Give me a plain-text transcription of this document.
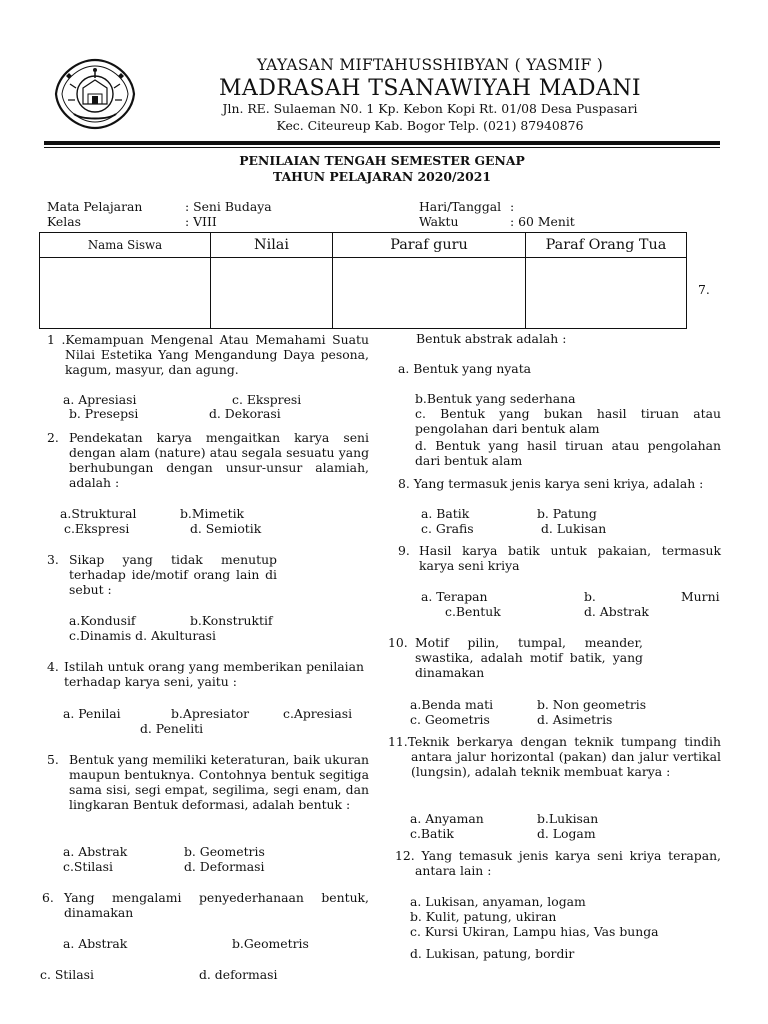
YAYASAN MIFTAHUSSHIBYAN ( YASMIF )
MADRASAH TSANAWIYAH MADANI
Jln. RE. Sulaeman N0. 1 Kp. Kebon Kopi Rt. 01/08 Desa Puspasari
Kec. Citeureup Kab. Bogor Telp. (021) 87940876
PENILAIAN TENGAH SEMESTER GENAP
TAHUN PELAJARAN 2020/2021
Mata Pelajaran	: Seni Budaya
Kelas	: VIII
Hari/Tanggal :
Waktu	: 60 Menit
Nama Siswa	Nilai	Paraf guru	Paraf Orang Tua

7.
1 .Kemampuan Mengenal Atau Memahami Suatu Nilai Estetika Yang Mengandung Daya pesona, kagum, masyur, dan agung.
a. Apresiasi	c. Ekspresi
b. Presepsi	d. Dekorasi
2. Pendekatan karya mengaitkan karya seni dengan alam (nature) atau segala sesuatu yang berhubungan dengan unsur-unsur alamiah, adalah :
a.Struktural	b.Mimetik
c.Ekspresi	d. Semiotik
3. Sikap yang tidak menutup terhadap ide/motif orang lain di sebut :
a.Kondusif	b.Konstruktif
c.Dinamis d. Akulturasi
4. Istilah untuk orang yang memberikan penilaian terhadap karya seni, yaitu :
a. Penilai	b.Apresiator	c.Apresiasi
d. Peneliti
5. Bentuk yang memiliki keteraturan, baik ukuran maupun bentuknya. Contohnya bentuk segitiga sama sisi, segi empat, segilima, segi enam, dan lingkaran Bentuk deformasi, adalah bentuk :
a. Abstrak	b. Geometris
c.Stilasi	d. Deformasi
6. Yang mengalami penyederhanaan bentuk, dinamakan
a. Abstrak	b.Geometris
c. Stilasi	d. deformasi
Bentuk abstrak adalah :
a. Bentuk yang nyata
b.Bentuk yang sederhana
c. Bentuk yang bukan hasil tiruan atau pengolahan dari bentuk alam
d. Bentuk yang hasil tiruan atau pengolahan dari bentuk alam
8. Yang termasuk jenis karya seni kriya, adalah :
a. Batik	b. Patung
c. Grafis	d. Lukisan
9. Hasil karya batik untuk pakaian, termasuk karya seni kriya
a. Terapan	b.	Murni
c.Bentuk	d. Abstrak
10. Motif pilin, tumpal, meander, swastika, adalah motif batik, yang dinamakan
a.Benda mati	b. Non geometris
c. Geometris	d. Asimetris
11.Teknik berkarya dengan teknik tumpang tindih antara jalur horizontal (pakan) dan jalur vertikal (lungsin), adalah teknik membuat karya :
a. Anyaman	b.Lukisan
c.Batik	d. Logam
12. Yang temasuk jenis karya seni kriya terapan, antara lain :
a. Lukisan, anyaman, logam
b. Kulit, patung, ukiran
c. Kursi Ukiran, Lampu hias, Vas bunga
d. Lukisan, patung, bordir
